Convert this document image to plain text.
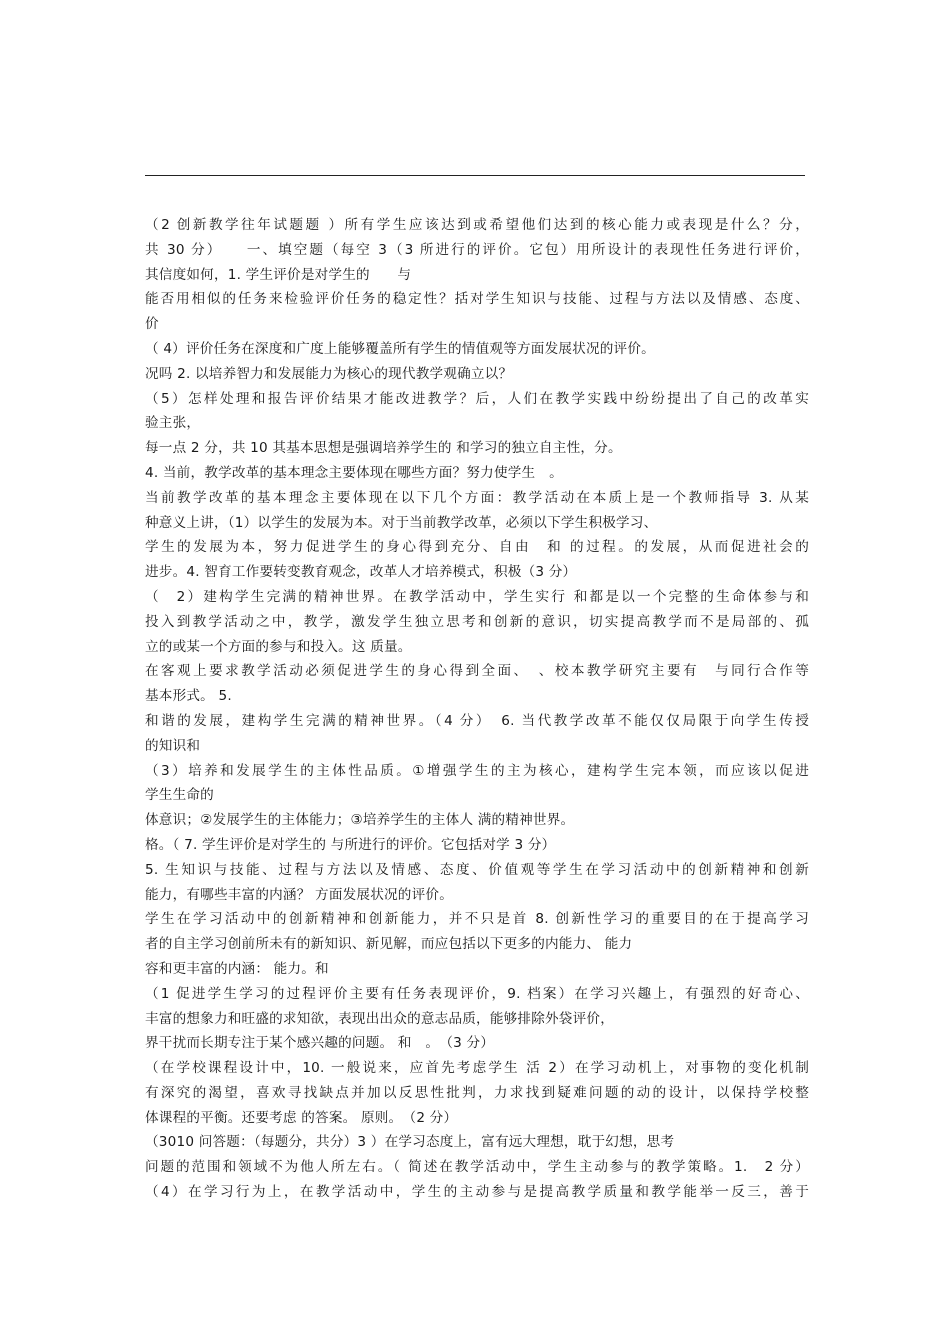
（2 创新教学往年试题题 ）所有学生应该达到或希望他们达到的核心能力或表现是什么？分，
共 30 分）　　一、填空题（每空 3（3 所进行的评价。它包）用所设计的表现性任务进行评价，
其信度如何，1. 学生评价是对学生的　　与
能否用相似的任务来检验评价任务的稳定性？括对学生知识与技能、过程与方法以及情感、态度、
价
（ 4）评价任务在深度和广度上能够覆盖所有学生的情值观等方面发展状况的评价。
况吗 2. 以培养智力和发展能力为核心的现代教学观确立以？
（5）怎样处理和报告评价结果才能改进教学？后，人们在教学实践中纷纷提出了自己的改革实
验主张，
每一点 2 分，共 10 其基本思想是强调培养学生的 和学习的独立自主性，分。
4. 当前，教学改革的基本理念主要体现在哪些方面？努力使学生　。
当前教学改革的基本理念主要体现在以下几个方面：教学活动在本质上是一个教师指导 3. 从某
种意义上讲，（1）以学生的发展为本。对于当前教学改革，必须以下学生积极学习、
学生的发展为本，努力促进学生的身心得到充分、自由　和 的过程。的发展，从而促进社会的
进步。4. 智育工作要转变教育观念，改革人才培养模式，积极（3 分）
（　2）建构学生完满的精神世界。在教学活动中，学生实行 和都是以一个完整的生命体参与和
投入到教学活动之中，教学，激发学生独立思考和创新的意识，切实提高教学而不是局部的、孤
立的或某一个方面的参与和投入。这 质量。
在客观上要求教学活动必须促进学生的身心得到全面、　、校本教学研究主要有　与同行合作等
基本形式。 5.
和谐的发展，建构学生完满的精神世界。（4 分）　6. 当代教学改革不能仅仅局限于向学生传授
的知识和
（3）培养和发展学生的主体性品质。①增强学生的主为核心，建构学生完本领，而应该以促进
学生生命的
体意识；②发展学生的主体能力；③培养学生的主体人 满的精神世界。
格。（ 7. 学生评价是对学生的 与所进行的评价。它包括对学 3 分）
5. 生知识与技能、过程与方法以及情感、态度、价值观等学生在学习活动中的创新精神和创新
能力，有哪些丰富的内涵？ 方面发展状况的评价。
学生在学习活动中的创新精神和创新能力，并不只是首 8. 创新性学习的重要目的在于提高学习
者的自主学习创前所未有的新知识、新见解，而应包括以下更多的内能力、 能力
容和更丰富的内涵： 能力。和
（1 促进学生学习的过程评价主要有任务表现评价，9. 档案）在学习兴趣上，有强烈的好奇心、
丰富的想象力和旺盛的求知欲，表现出出众的意志品质，能够排除外袋评价，
界干扰而长期专注于某个感兴趣的问题。 和　。　（3 分）
（在学校课程设计中，10. 一般说来，应首先考虑学生 活 2）在学习动机上，对事物的变化机制
有深究的渴望，喜欢寻找缺点并加以反思性批判，力求找到疑难问题的动的设计，以保持学校整
体课程的平衡。还要考虑 的答案。 原则。　（2 分）
（3010 问答题：（每题分，共分）3 ）在学习态度上，富有远大理想，耽于幻想，思考
问题的范围和领域不为他人所左右。（ 简述在教学活动中，学生主动参与的教学策略。1.　2 分）
（4）在学习行为上，在教学活动中，学生的主动参与是提高教学质量和教学能举一反三，善于
